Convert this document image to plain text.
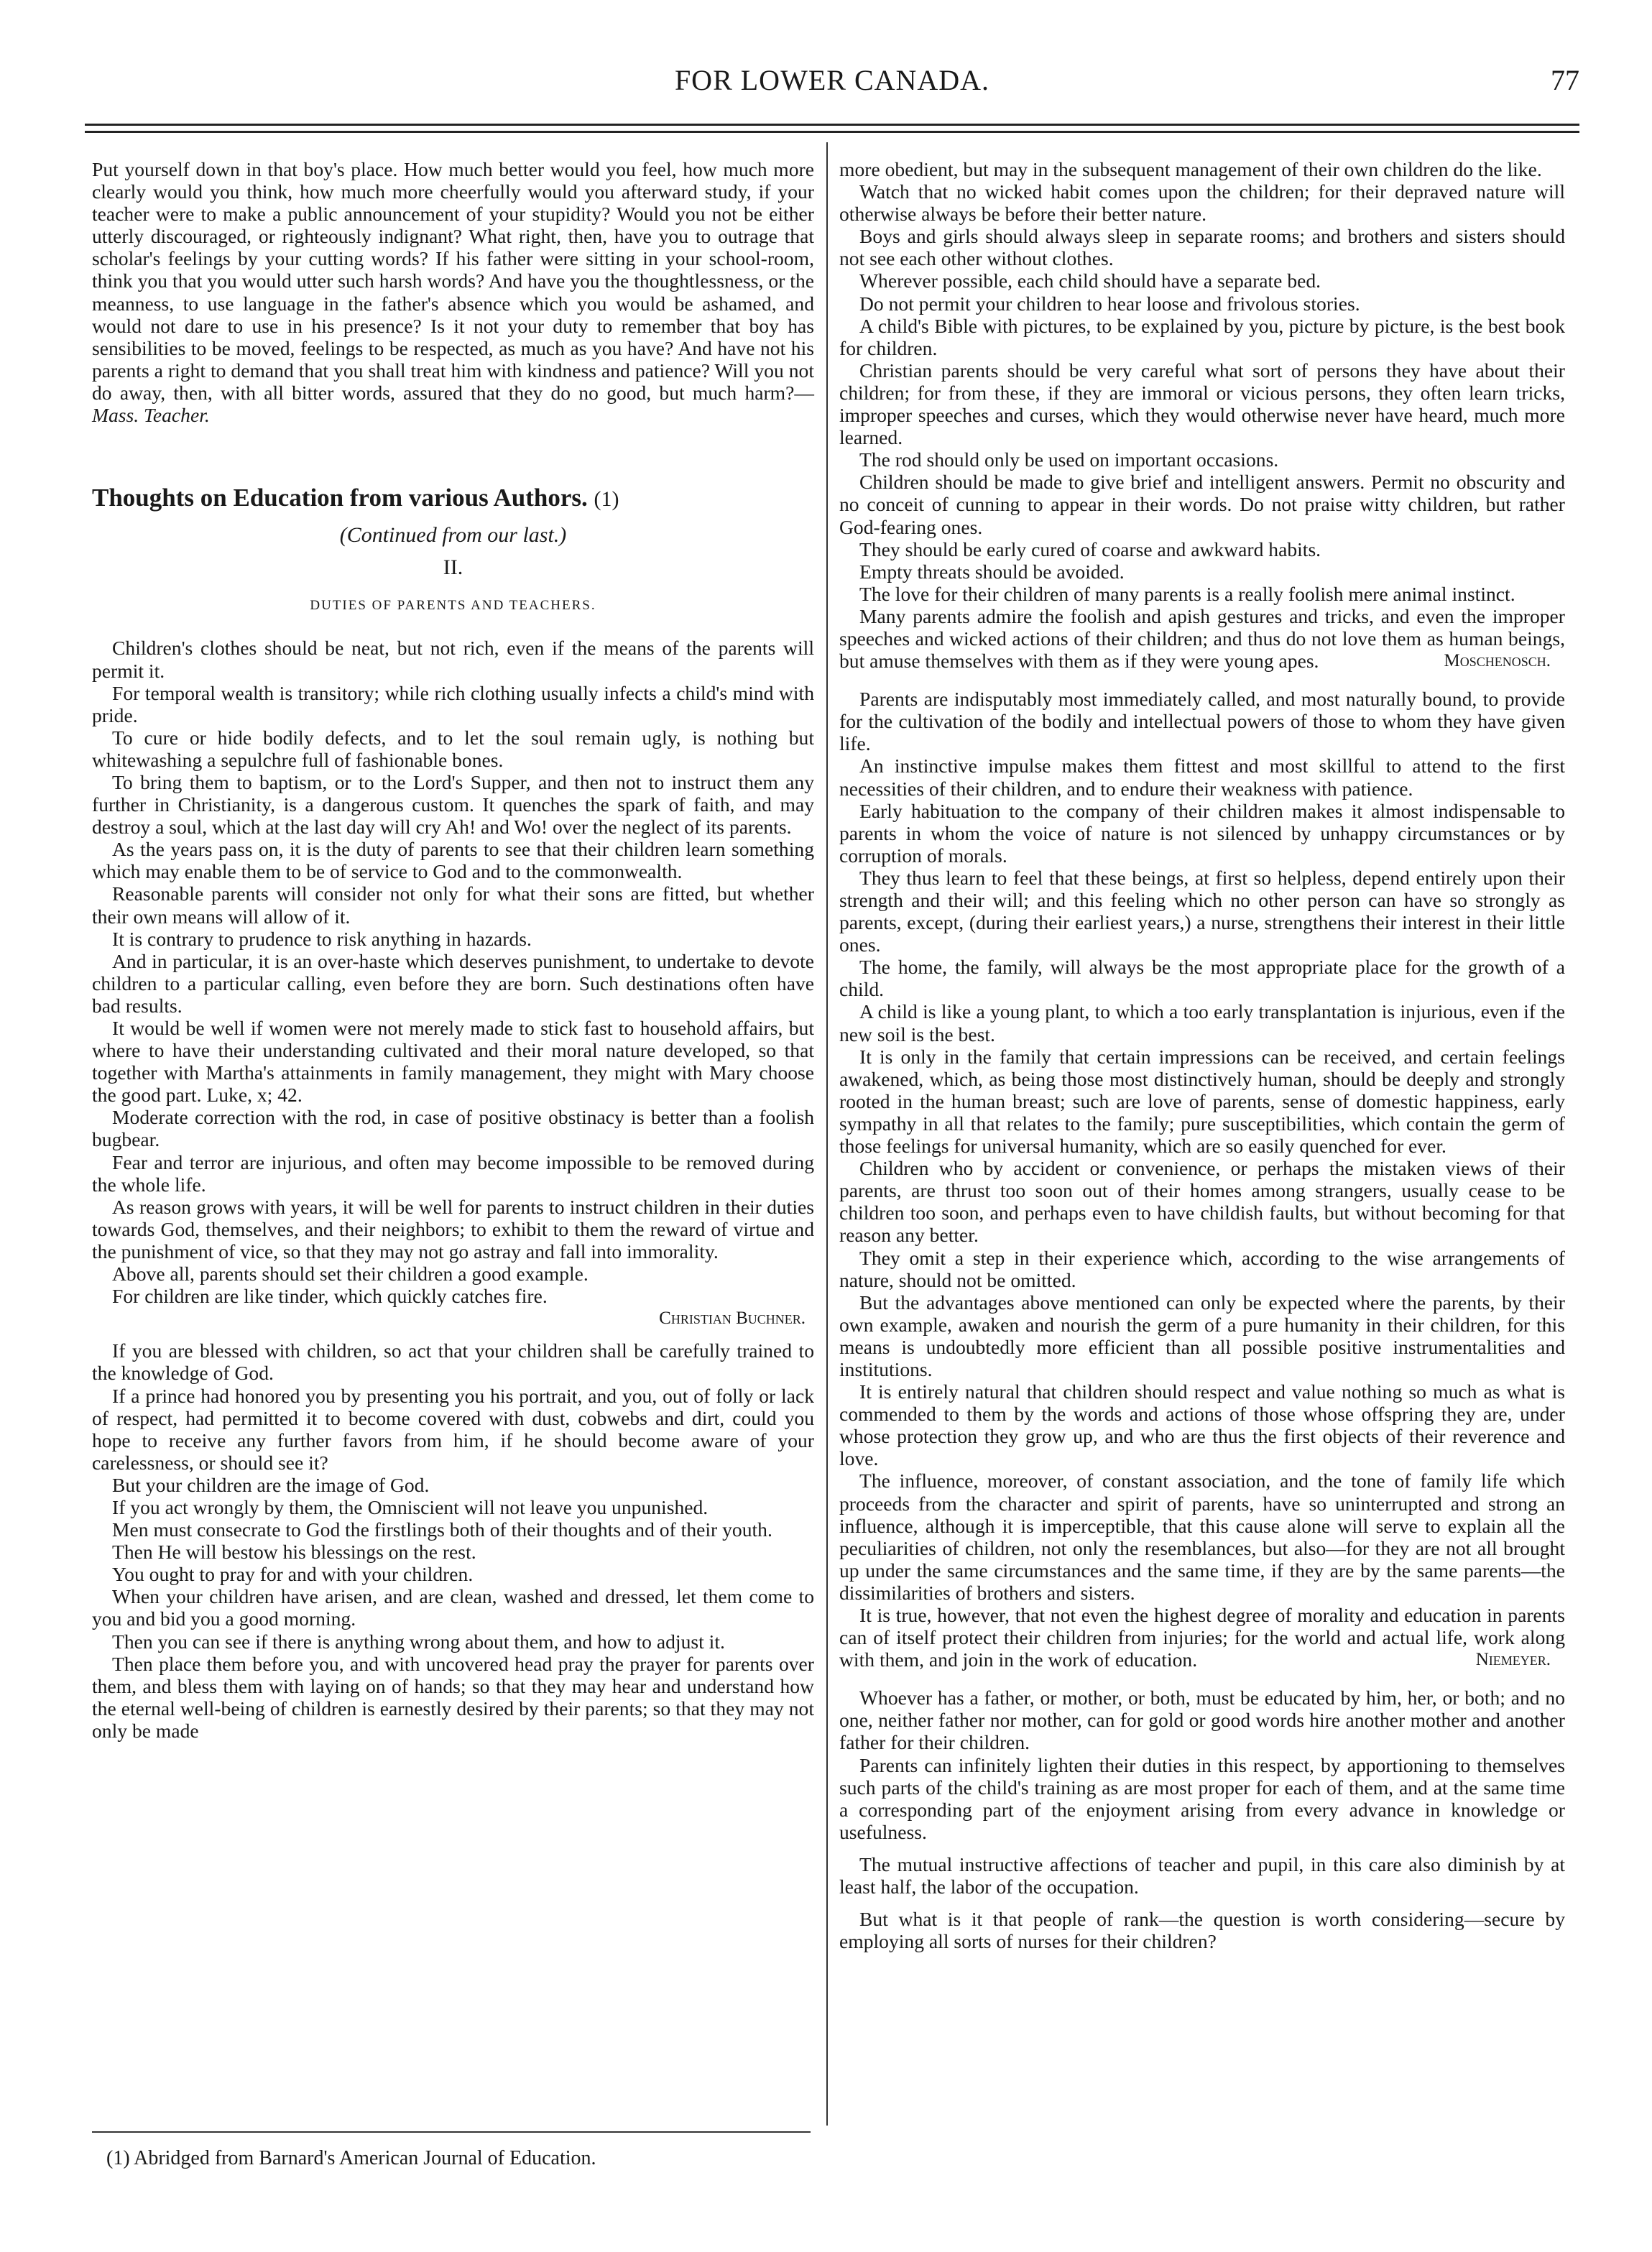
FOR LOWER CANADA.	77

Put yourself down in that boy's place. How much better would you feel, how much more clearly would you think, how much more cheerfully would you afterward study, if your teacher were to make a public announcement of your stupidity? Would you not be either utterly discouraged, or righteously indignant? What right, then, have you to outrage that scholar's feelings by your cutting words? If his father were sitting in your school-room, think you that you would utter such harsh words? And have you the thoughtlessness, or the meanness, to use language in the father's absence which you would be ashamed, and would not dare to use in his presence? Is it not your duty to remember that boy has sensibilities to be moved, feelings to be respected, as much as you have? And have not his parents a right to demand that you shall treat him with kindness and patience? Will you not do away, then, with all bitter words, assured that they do no good, but much harm?—Mass. Teacher.

Thoughts on Education from various Authors. (1)
(Continued from our last.)
II.
DUTIES OF PARENTS AND TEACHERS.

Children's clothes should be neat, but not rich, even if the means of the parents will permit it.

For temporal wealth is transitory; while rich clothing usually infects a child's mind with pride.

To cure or hide bodily defects, and to let the soul remain ugly, is nothing but whitewashing a sepulchre full of fashionable bones.

To bring them to baptism, or to the Lord's Supper, and then not to instruct them any further in Christianity, is a dangerous custom. It quenches the spark of faith, and may destroy a soul, which at the last day will cry Ah! and Wo! over the neglect of its parents.

As the years pass on, it is the duty of parents to see that their children learn something which may enable them to be of service to God and to the commonwealth.

Reasonable parents will consider not only for what their sons are fitted, but whether their own means will allow of it.

It is contrary to prudence to risk anything in hazards.

And in particular, it is an over-haste which deserves punishment, to undertake to devote children to a particular calling, even before they are born. Such destinations often have bad results.

It would be well if women were not merely made to stick fast to household affairs, but where to have their understanding cultivated and their moral nature developed, so that together with Martha's attainments in family management, they might with Mary choose the good part. Luke, x; 42.

Moderate correction with the rod, in case of positive obstinacy is better than a foolish bugbear.

Fear and terror are injurious, and often may become impossible to be removed during the whole life.

As reason grows with years, it will be well for parents to instruct children in their duties towards God, themselves, and their neighbors; to exhibit to them the reward of virtue and the punishment of vice, so that they may not go astray and fall into immorality.

Above all, parents should set their children a good example.

For children are like tinder, which quickly catches fire.

Christian Buchner.

If you are blessed with children, so act that your children shall be carefully trained to the knowledge of God.

If a prince had honored you by presenting you his portrait, and you, out of folly or lack of respect, had permitted it to become covered with dust, cobwebs and dirt, could you hope to receive any further favors from him, if he should become aware of your carelessness, or should see it?

But your children are the image of God.

If you act wrongly by them, the Omniscient will not leave you unpunished.

Men must consecrate to God the firstlings both of their thoughts and of their youth.

Then He will bestow his blessings on the rest.

You ought to pray for and with your children.

When your children have arisen, and are clean, washed and dressed, let them come to you and bid you a good morning.

Then you can see if there is anything wrong about them, and how to adjust it.

Then place them before you, and with uncovered head pray the prayer for parents over them, and bless them with laying on of hands; so that they may hear and understand how the eternal well-being of children is earnestly desired by their parents; so that they may not only be made

more obedient, but may in the subsequent management of their own children do the like.

Watch that no wicked habit comes upon the children; for their depraved nature will otherwise always be before their better nature.

Boys and girls should always sleep in separate rooms; and brothers and sisters should not see each other without clothes.

Wherever possible, each child should have a separate bed.

Do not permit your children to hear loose and frivolous stories.

A child's Bible with pictures, to be explained by you, picture by picture, is the best book for children.

Christian parents should be very careful what sort of persons they have about their children; for from these, if they are immoral or vicious persons, they often learn tricks, improper speeches and curses, which they would otherwise never have heard, much more learned.

The rod should only be used on important occasions.

Children should be made to give brief and intelligent answers. Permit no obscurity and no conceit of cunning to appear in their words. Do not praise witty children, but rather God-fearing ones.

They should be early cured of coarse and awkward habits.

Empty threats should be avoided.

The love for their children of many parents is a really foolish mere animal instinct.

Many parents admire the foolish and apish gestures and tricks, and even the improper speeches and wicked actions of their children; and thus do not love them as human beings, but amuse themselves with them as if they were young apes.	Moschenosch.

Parents are indisputably most immediately called, and most naturally bound, to provide for the cultivation of the bodily and intellectual powers of those to whom they have given life.

An instinctive impulse makes them fittest and most skillful to attend to the first necessities of their children, and to endure their weakness with patience.

Early habituation to the company of their children makes it almost indispensable to parents in whom the voice of nature is not silenced by unhappy circumstances or by corruption of morals.

They thus learn to feel that these beings, at first so helpless, depend entirely upon their strength and their will; and this feeling which no other person can have so strongly as parents, except, (during their earliest years,) a nurse, strengthens their interest in their little ones.

The home, the family, will always be the most appropriate place for the growth of a child.

A child is like a young plant, to which a too early transplantation is injurious, even if the new soil is the best.

It is only in the family that certain impressions can be received, and certain feelings awakened, which, as being those most distinctively human, should be deeply and strongly rooted in the human breast; such are love of parents, sense of domestic happiness, early sympathy in all that relates to the family; pure susceptibilities, which contain the germ of those feelings for universal humanity, which are so easily quenched for ever.

Children who by accident or convenience, or perhaps the mistaken views of their parents, are thrust too soon out of their homes among strangers, usually cease to be children too soon, and perhaps even to have childish faults, but without becoming for that reason any better.

They omit a step in their experience which, according to the wise arrangements of nature, should not be omitted.

But the advantages above mentioned can only be expected where the parents, by their own example, awaken and nourish the germ of a pure humanity in their children, for this means is undoubtedly more efficient than all possible positive instrumentalities and institutions.

It is entirely natural that children should respect and value nothing so much as what is commended to them by the words and actions of those whose offspring they are, under whose protection they grow up, and who are thus the first objects of their reverence and love.

The influence, moreover, of constant association, and the tone of family life which proceeds from the character and spirit of parents, have so uninterrupted and strong an influence, although it is imperceptible, that this cause alone will serve to explain all the peculiarities of children, not only the resemblances, but also—for they are not all brought up under the same circumstances and the same time, if they are by the same parents—the dissimilarities of brothers and sisters.

It is true, however, that not even the highest degree of morality and education in parents can of itself protect their children from injuries; for the world and actual life, work along with them, and join in the work of education.	Niemeyer.

Whoever has a father, or mother, or both, must be educated by him, her, or both; and no one, neither father nor mother, can for gold or good words hire another mother and another father for their children.

Parents can infinitely lighten their duties in this respect, by apportioning to themselves such parts of the child's training as are most proper for each of them, and at the same time a corresponding part of the enjoyment arising from every advance in knowledge or usefulness.

The mutual instructive affections of teacher and pupil, in this care also diminish by at least half, the labor of the occupation.

But what is it that people of rank—the question is worth considering—secure by employing all sorts of nurses for their children?

(1) Abridged from Barnard's American Journal of Education.
